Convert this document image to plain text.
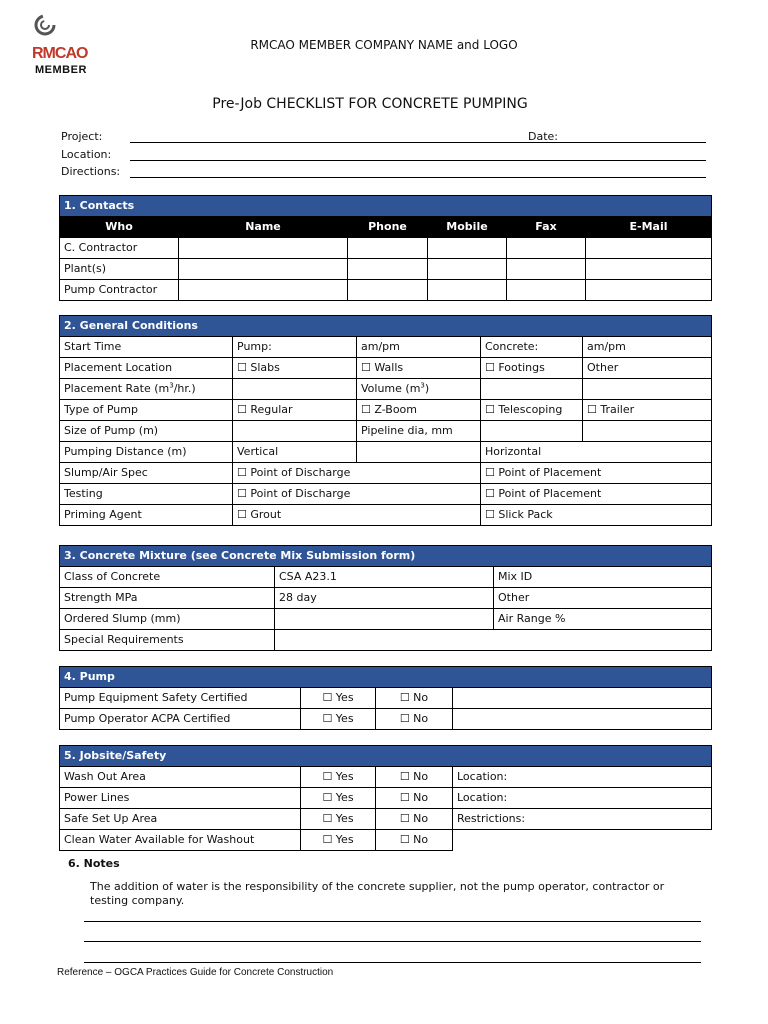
RMCAO
MEMBER
RMCAO MEMBER COMPANY NAME and LOGO
Pre-Job CHECKLIST FOR CONCRETE PUMPING
Project:	Date:
Location:
Directions:
1. Contacts					
Who	Name	Phone	Mobile	Fax	E-Mail
C. Contractor					
Plant(s)					
Pump Contractor					
2. General Conditions				
Start Time	Pump:	am/pm	Concrete:	am/pm
Placement Location	☐ Slabs	☐ Walls	☐ Footings	Other
Placement Rate $(m^3/hr.)$		Volume $(m^3)$		
Type of Pump	☐ Regular	☐ Z-Boom	☐ Telescoping	☐ Trailer
Size of Pump (m)		Pipeline dia, mm		
Pumping Distance (m)	Vertical		Horizontal	
Slump/Air Spec	☐ Point of Discharge		☐ Point of Placement	
Testing	☐ Point of Discharge		☐ Point of Placement	
Priming Agent	☐ Grout		☐ Slick Pack	
3. Concrete Mixture (see Concrete Mix Submission form)		
Class of Concrete	CSA A23.1	Mix ID
Strength MPa	28 day	Other
Ordered Slump (mm)		Air Range %
Special Requirements		
4. Pump			
Pump Equipment Safety Certified	☐ Yes	☐ No	
Pump Operator ACPA Certified	☐ Yes	☐ No	
5. Jobsite/Safety			
Wash Out Area	☐ Yes	☐ No	Location:
Power Lines	☐ Yes	☐ No	Location:
Safe Set Up Area	☐ Yes	☐ No	Restrictions:
Clean Water Available for Washout	☐ Yes	☐ No	
6. Notes
The addition of water is the responsibility of the concrete supplier, not the pump operator, contractor or testing company.
Reference – OGCA Practices Guide for Concrete Construction
